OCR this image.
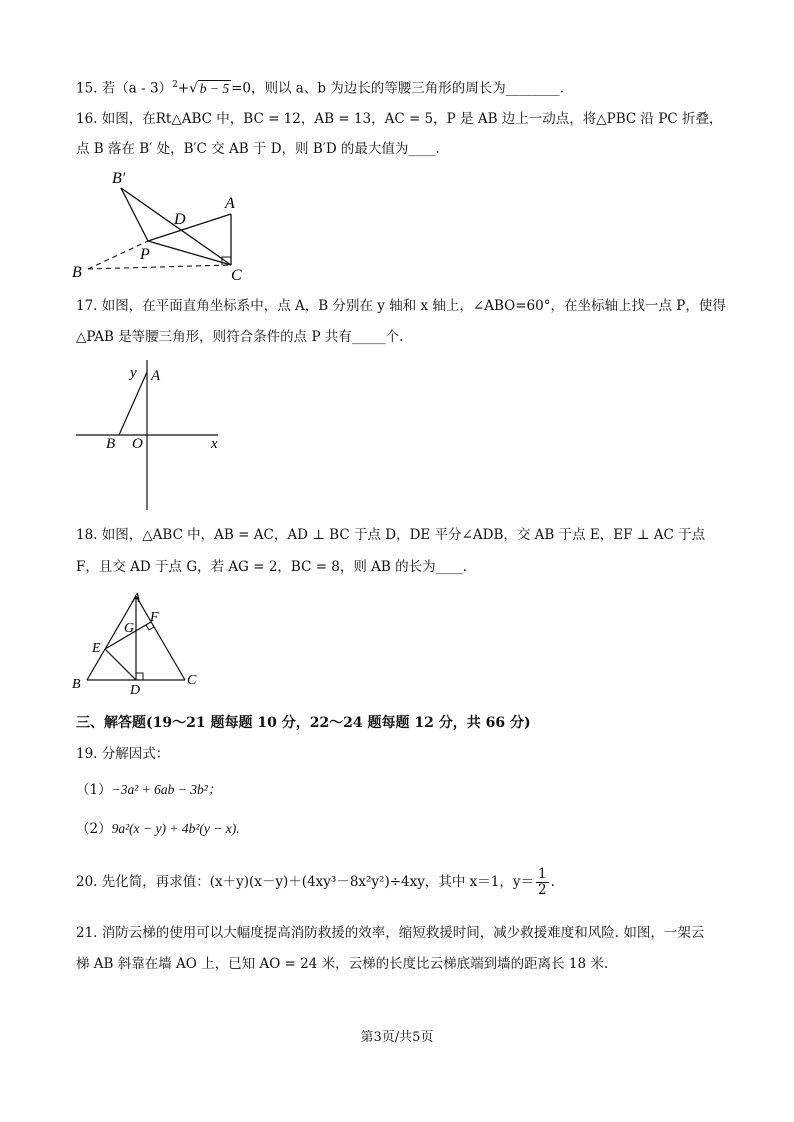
15. 若（a - 3）$^2$+√ b − 5 =0，则以 a、b 为边长的等腰三角形的周长为________.
16. 如图，在Rt△ABC 中，BC = 12，AB = 13，AC = 5，P 是 AB 边上一动点，将△PBC 沿 PC 折叠，
点 B 落在 B′ 处，B′C 交 AB 于 D，则 B′D 的最大值为____.
B′
A
D
P
B	C
17. 如图，在平面直角坐标系中，点 A，B 分别在 y 轴和 x 轴上，∠ABO=60°，在坐标轴上找一点 P，使得
△PAB 是等腰三角形，则符合条件的点 P 共有_____个.
y A
B O	x
18. 如图，△ABC 中，AB = AC，AD ⊥ BC 于点 D，DE 平分∠ADB，交 AB 于点 E，EF ⊥ AC 于点
F，且交 AD 于点 G，若 AG = 2，BC = 8，则 AB 的长为____.
A
G
F
E
B	D
C
三、解答题(19～21 题每题 10 分，22～24 题每题 12 分，共 66 分)
19. 分解因式：
（1）−3a² + 6ab − 3b²；
（2）9a²(x − y) + 4b²(y − x).
20. 先化简，再求值：(x＋y)(x－y)＋(4xy³－8x²y²)÷4xy，其中 x＝1，$y= \frac{1}{2}$ .
21. 消防云梯的使用可以大幅度提高消防救援的效率，缩短救援时间，减少救援难度和风险. 如图，一架云
梯 AB 斜靠在墙 AO 上，已知 AO = 24 米，云梯的长度比云梯底端到墙的距离长 18 米.
第3页/共5页
